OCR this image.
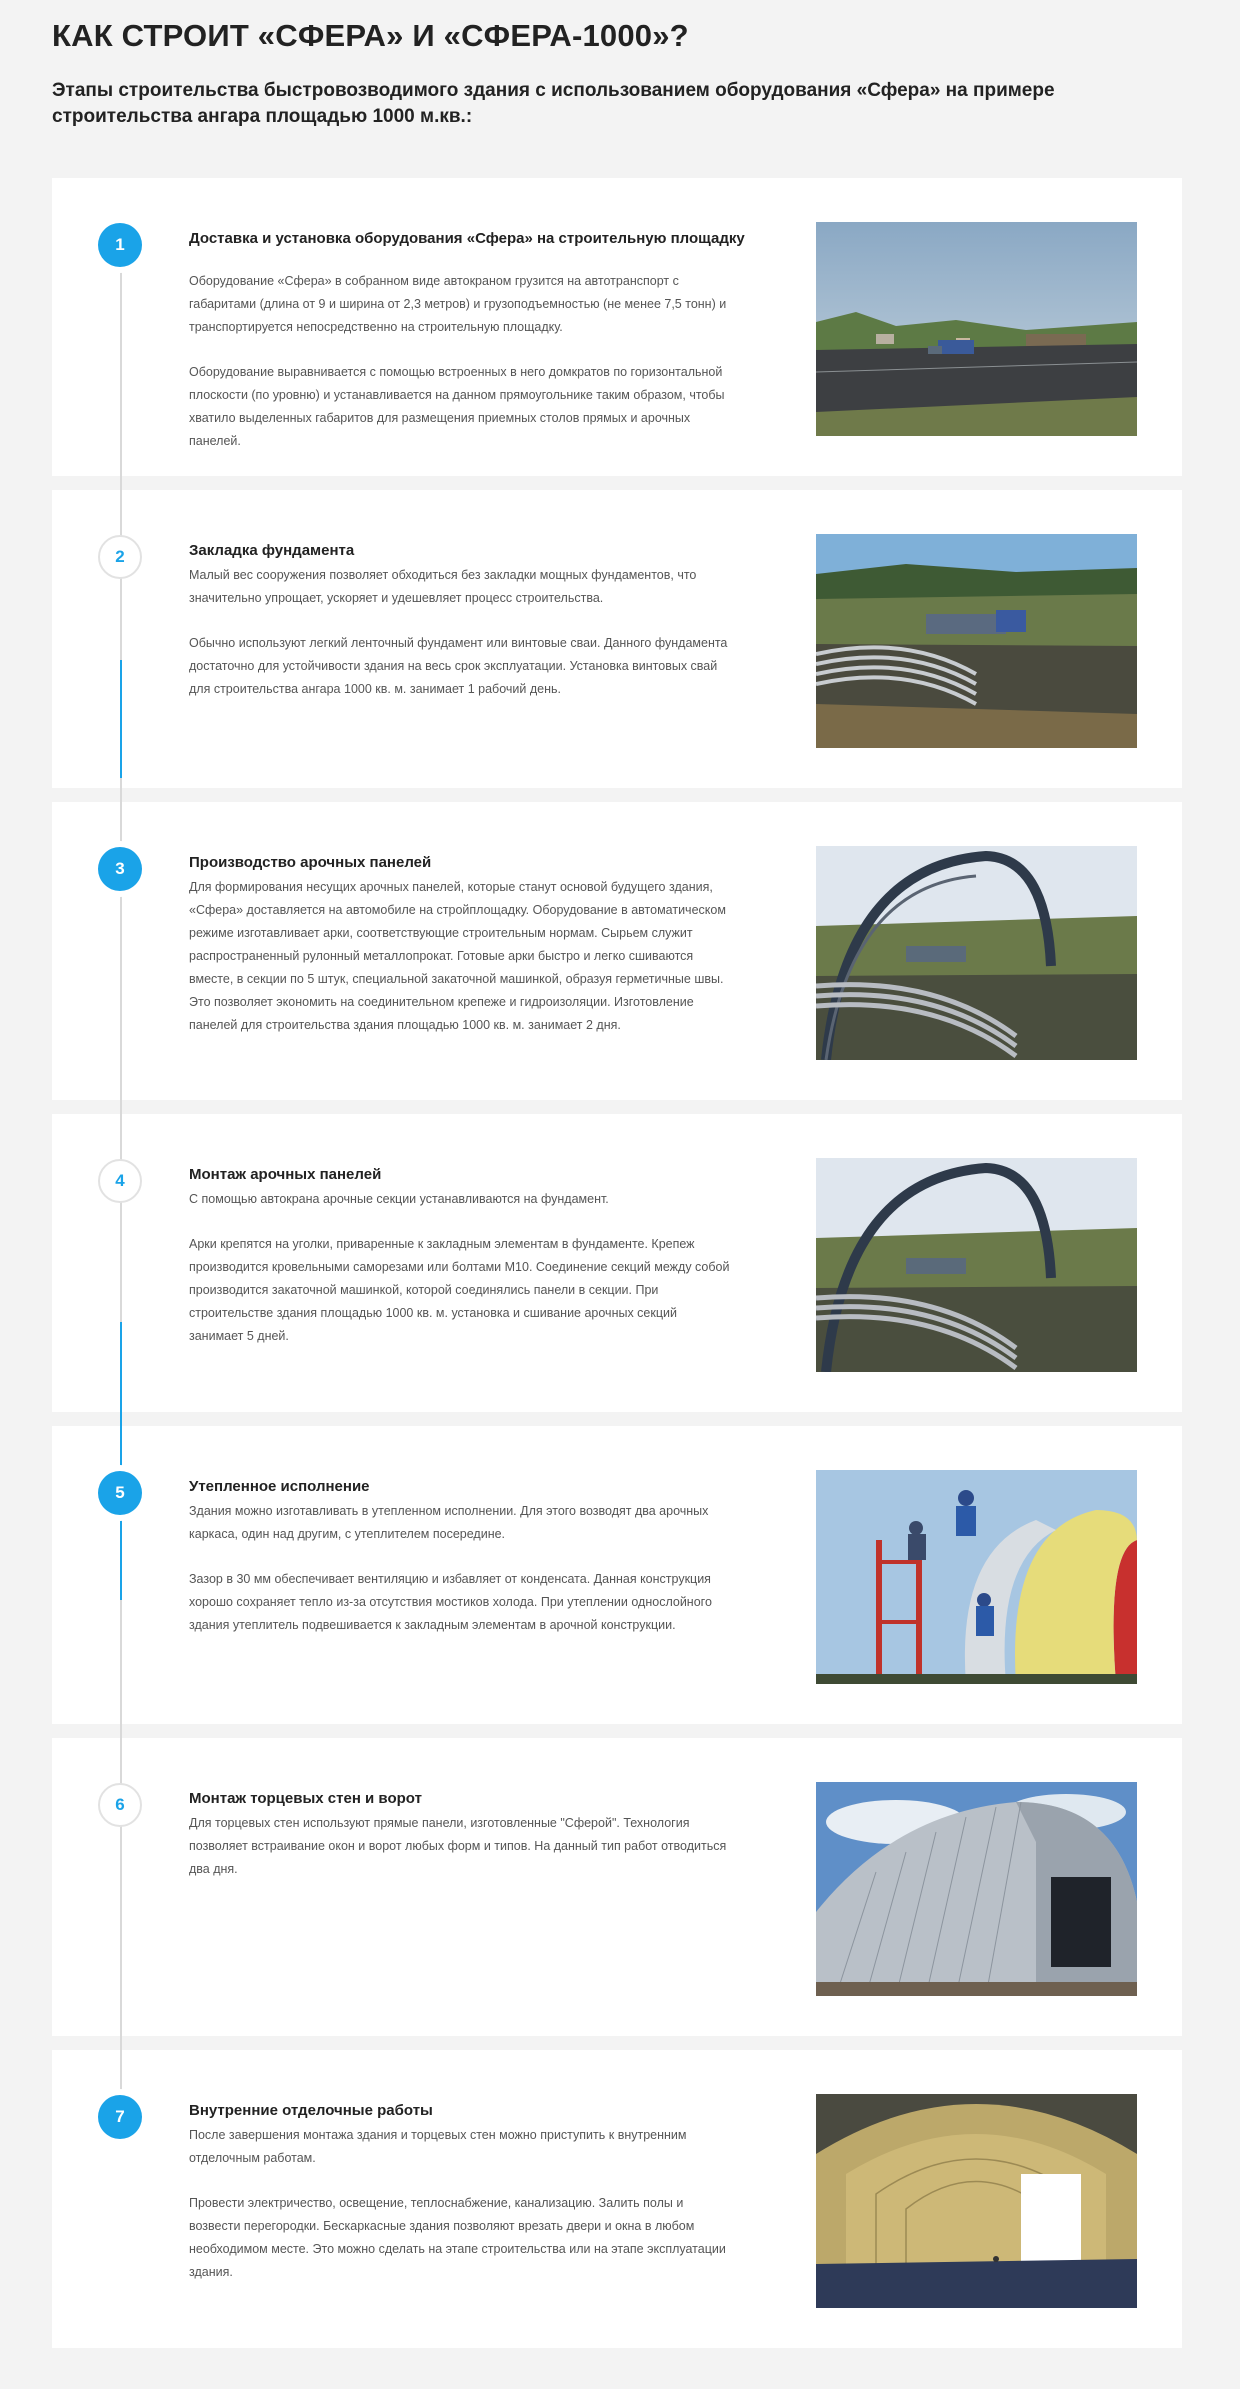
КАК СТРОИТ «СФЕРА» И «СФЕРА-1000»?
Этапы строительства быстровозводимого здания с использованием оборудования «Сфера» на примере строительства ангара площадью 1000 м.кв.:
1	Доставка и установка оборудования «Сфера» на строительную площадку

Оборудование «Сфера» в собранном виде автокраном грузится на автотранспорт с габаритами (длина от 9 и ширина от 2,3 метров) и грузоподъемностью (не менее 7,5 тонн) и транспортируется непосредственно на строительную площадку.

Оборудование выравнивается с помощью встроенных в него домкратов по горизонтальной плоскости (по уровню) и устанавливается на данном прямоугольнике таким образом, чтобы хватило выделенных габаритов для размещения приемных столов прямых и арочных панелей.

2	Закладка фундамента

Малый вес сооружения позволяет обходиться без закладки мощных фундаментов, что значительно упрощает, ускоряет и удешевляет процесс строительства.

Обычно используют легкий ленточный фундамент или винтовые сваи. Данного фундамента достаточно для устойчивости здания на весь срок эксплуатации. Установка винтовых свай для строительства ангара 1000 кв. м. занимает 1 рабочий день.

3	Производство арочных панелей

Для формирования несущих арочных панелей, которые станут основой будущего здания, «Сфера» доставляется на автомобиле на стройплощадку. Оборудование в автоматическом режиме изготавливает арки, соответствующие строительным нормам. Сырьем служит распространенный рулонный металлопрокат. Готовые арки быстро и легко сшиваются вместе, в секции по 5 штук, специальной закаточной машинкой, образуя герметичные швы. Это позволяет экономить на соединительном крепеже и гидроизоляции. Изготовление панелей для строительства здания площадью 1000 кв. м. занимает 2 дня.

4	Монтаж арочных панелей

С помощью автокрана арочные секции устанавливаются на фундамент.

Арки крепятся на уголки, приваренные к закладным элементам в фундаменте. Крепеж производится кровельными саморезами или болтами М10. Соединение секций между собой производится закаточной машинкой, которой соединялись панели в секции. При строительстве здания площадью 1000 кв. м. установка и сшивание арочных секций занимает 5 дней.

5	Утепленное исполнение

Здания можно изготавливать в утепленном исполнении. Для этого возводят два арочных каркаса, один над другим, с утеплителем посередине.

Зазор в 30 мм обеспечивает вентиляцию и избавляет от конденсата. Данная конструкция хорошо сохраняет тепло из-за отсутствия мостиков холода. При утеплении однослойного здания утеплитель подвешивается к закладным элементам в арочной конструкции.

6	Монтаж торцевых стен и ворот

Для торцевых стен используют прямые панели, изготовленные "Сферой". Технология позволяет встраивание окон и ворот любых форм и типов. На данный тип работ отводиться два дня.

7	Внутренние отделочные работы

После завершения монтажа здания и торцевых стен можно приступить к внутренним отделочным работам.

Провести электричество, освещение, теплоснабжение, канализацию. Залить полы и возвести перегородки. Бескаркасные здания позволяют врезать двери и окна в любом необходимом месте. Это можно сделать на этапе строительства или на этапе эксплуатации здания.
